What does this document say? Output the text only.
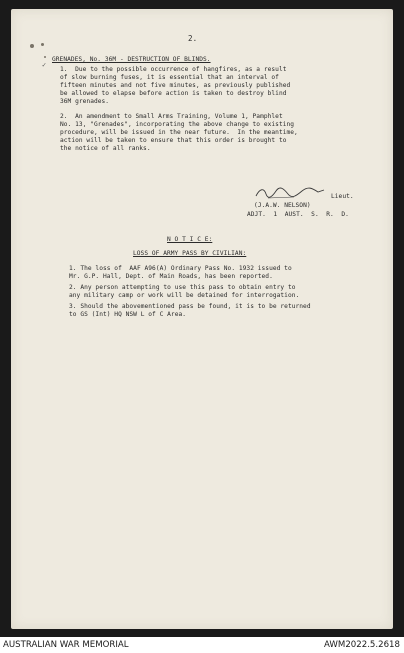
✓
2.
GRENADES, No. 36M - DESTRUCTION OF BLINDS.
1.  Due to the possible occurrence of hangfires, as a result
of slow burning fuses, it is essential that an interval of
fifteen minutes and not five minutes, as previously published
be allowed to elapse before action is taken to destroy blind
36M grenades.
2.  An amendment to Small Arms Training, Volume 1, Pamphlet
No. 13, "Grenades", incorporating the above change to existing
procedure, will be issued in the near future.  In the meantime,
action will be taken to ensure that this order is brought to
the notice of all ranks.
Lieut.
(J.A.W. NELSON)
ADJT.  1  AUST.  S.  R.  D.
N O T I C E:
LOSS OF ARMY PASS BY CIVILIAN:
1. The loss of  AAF A96(A) Ordinary Pass No. 1932 issued to
Mr. G.P. Hall, Dept. of Main Roads, has been reported.
2. Any person attempting to use this pass to obtain entry to
any military camp or work will be detained for interrogation.
3. Should the abovementioned pass be found, it is to be returned
to GS (Int) HQ NSW L of C Area.
AUSTRALIAN WAR MEMORIAL	AWM2022.5.2618
